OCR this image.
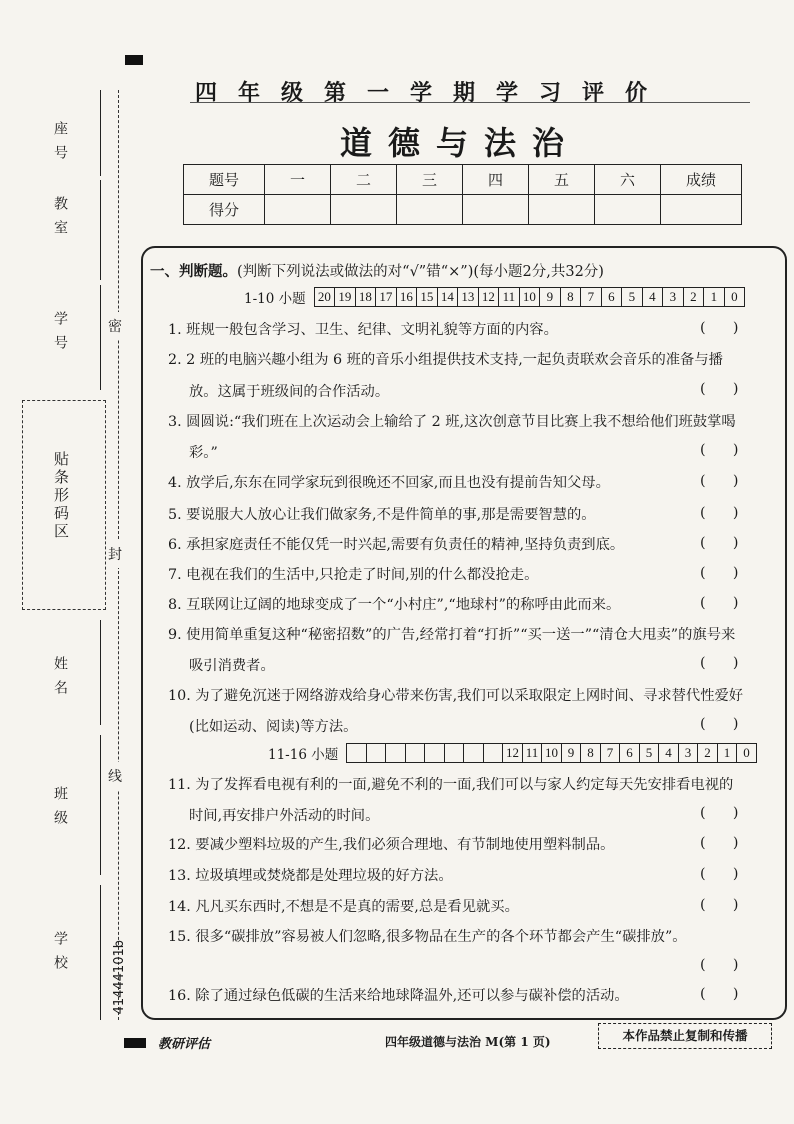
座号
教室
学号
贴条形码区
姓名
班级
学校
密
封
线
41444101b
四年级第一学期学习评价
道德与法治
题号	一	二	三	四	五	六	成绩
得分							
一、判断题。(判断下列说法或做法的对“√”错“×”)(每小题2分,共32分)
1-10 小题 20 19 18 17 16 15 14 13 12 11 10 9	8	7	6	5	4	3	2	1	0
11-16 小题	12 11 10 9	8	7	6	5	4	3	2	1	0
1. 班规一般包含学习、卫生、纪律、文明礼貌等方面的内容。	(      )
2. 2 班的电脑兴趣小组为 6 班的音乐小组提供技术支持,一起负责联欢会音乐的准备与播
放。这属于班级间的合作活动。	(      )
3. 圆圆说:“我们班在上次运动会上输给了 2 班,这次创意节目比赛上我不想给他们班鼓掌喝
彩。”	(      )
4. 放学后,东东在同学家玩到很晚还不回家,而且也没有提前告知父母。	(      )
5. 要说服大人放心让我们做家务,不是件简单的事,那是需要智慧的。	(      )
6. 承担家庭责任不能仅凭一时兴起,需要有负责任的精神,坚持负责到底。	(      )
7. 电视在我们的生活中,只抢走了时间,别的什么都没抢走。	(      )
8. 互联网让辽阔的地球变成了一个“小村庄”,“地球村”的称呼由此而来。	(      )
9. 使用简单重复这种“秘密招数”的广告,经常打着“打折”“买一送一”“清仓大甩卖”的旗号来
吸引消费者。	(      )
10. 为了避免沉迷于网络游戏给身心带来伤害,我们可以采取限定上网时间、寻求替代性爱好
(比如运动、阅读)等方法。	(      )
11. 为了发挥看电视有利的一面,避免不利的一面,我们可以与家人约定每天先安排看电视的
时间,再安排户外活动的时间。	(      )
12. 要减少塑料垃圾的产生,我们必须合理地、有节制地使用塑料制品。	(      )
13. 垃圾填埋或焚烧都是处理垃圾的好方法。	(      )
14. 凡凡买东西时,不想是不是真的需要,总是看见就买。	(      )
15. 很多“碳排放”容易被人们忽略,很多物品在生产的各个环节都会产生“碳排放”。
(      )
16. 除了通过绿色低碳的生活来给地球降温外,还可以参与碳补偿的活动。	(      )
教研评估	四年级道德与法治 M(第 1 页)	本作品禁止复制和传播
